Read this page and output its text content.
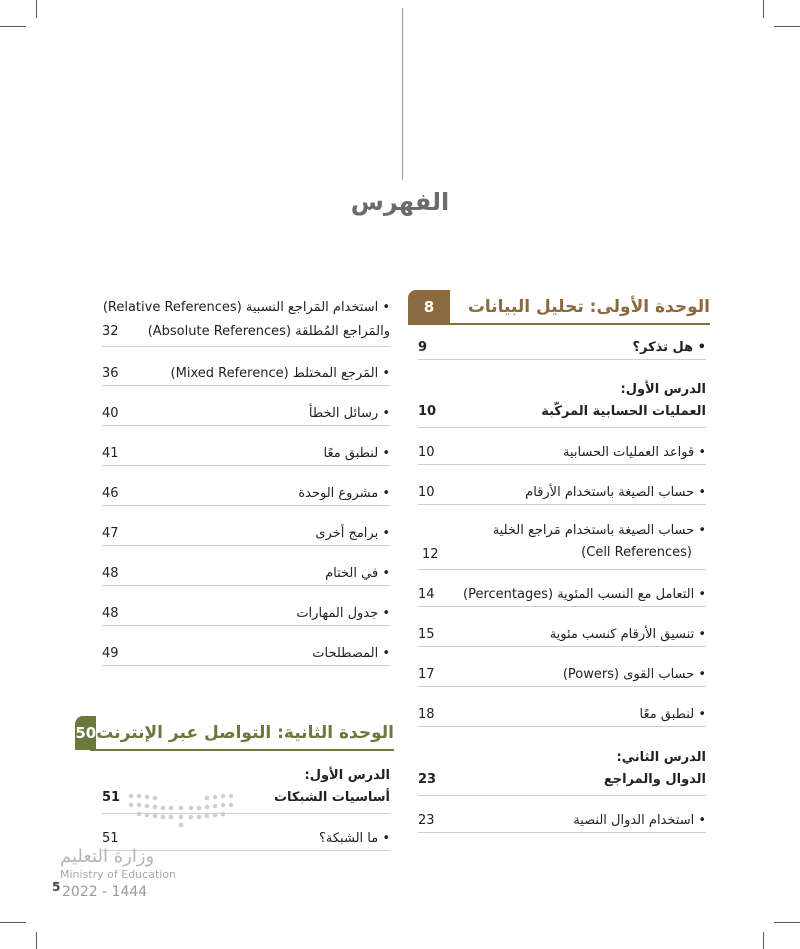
الفهرس
الوحدة الأولى: تحليل البيانات
8
• هل تذكر؟
9
الدرس الأول:
العمليات الحسابية المركّبة
10
• قواعد العمليات الحسابية
10
• حساب الصيغة باستخدام الأرقام
10
• حساب الصيغة باستخدام مَراجع الخلية
(Cell References)
12
• التعامل مع النسب المئوية (Percentages)
14
• تنسيق الأرقام كنسب مئوية
15
• حساب القوى (Powers)
17
• لنطبق معًا
18
الدرس الثاني:
الدوال والمراجع
23
• استخدام الدوال النصية
23
• استخدام المَراجع النسبية (Relative References)
والمَراجع المُطلقة (Absolute References)
32
• المَرجع المختلط (Mixed Reference)
36
• رسائل الخطأ
40
• لنطبق معًا
41
• مشروع الوحدة
46
• برامج أخرى
47
• في الختام
48
• جدول المهارات
48
• المصطلحات
49
الوحدة الثانية: التواصل عبر الإنترنت
50
الدرس الأول:
أساسيات الشبكات
51
• ما الشبكة؟
51
وزارة التعليم
Ministry of Education
5 2022 - 1444
